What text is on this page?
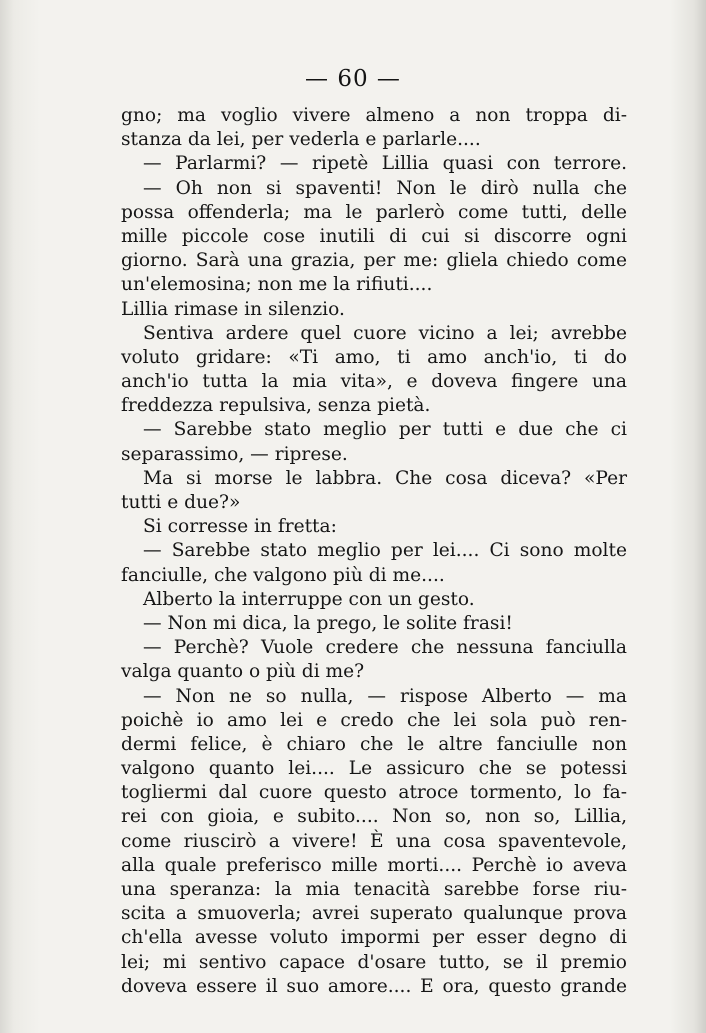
— 60 —
gno; ma voglio vivere almeno a non troppa di-
stanza da lei, per vederla e parlarle....
— Parlarmi? — ripetè Lillia quasi con terrore.
— Oh non si spaventi! Non le dirò nulla che
possa offenderla; ma le parlerò come tutti, delle
mille piccole cose inutili di cui si discorre ogni
giorno. Sarà una grazia, per me: gliela chiedo come
un'elemosina; non me la rifiuti....
Lillia rimase in silenzio.
Sentiva ardere quel cuore vicino a lei; avrebbe
voluto gridare: «Ti amo, ti amo anch'io, ti do
anch'io tutta la mia vita», e doveva fingere una
freddezza repulsiva, senza pietà.
— Sarebbe stato meglio per tutti e due che ci
separassimo, — riprese.
Ma si morse le labbra. Che cosa diceva? «Per
tutti e due?»
Si corresse in fretta:
— Sarebbe stato meglio per lei.... Ci sono molte
fanciulle, che valgono più di me....
Alberto la interruppe con un gesto.
— Non mi dica, la prego, le solite frasi!
— Perchè? Vuole credere che nessuna fanciulla
valga quanto o più di me?
— Non ne so nulla, — rispose Alberto — ma
poichè io amo lei e credo che lei sola può ren-
dermi felice, è chiaro che le altre fanciulle non
valgono quanto lei.... Le assicuro che se potessi
togliermi dal cuore questo atroce tormento, lo fa-
rei con gioia, e subito.... Non so, non so, Lillia,
come riuscirò a vivere! È una cosa spaventevole,
alla quale preferisco mille morti.... Perchè io aveva
una speranza: la mia tenacità sarebbe forse riu-
scita a smuoverla; avrei superato qualunque prova
ch'ella avesse voluto impormi per esser degno di
lei; mi sentivo capace d'osare tutto, se il premio
doveva essere il suo amore.... E ora, questo grande
